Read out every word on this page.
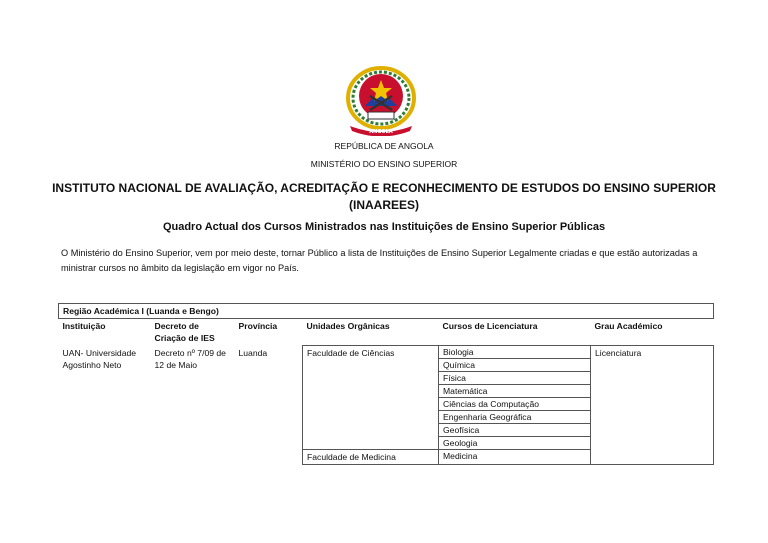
ANGOLA
REPÚBLICA DE ANGOLA
MINISTÉRIO DO ENSINO SUPERIOR
INSTITUTO NACIONAL DE AVALIAÇÃO, ACREDITAÇÃO E RECONHECIMENTO DE ESTUDOS DO ENSINO SUPERIOR
(INAAREES)
Quadro Actual dos Cursos Ministrados nas Instituições de Ensino Superior Públicas
O Ministério do Ensino Superior, vem por meio deste, tornar Público a lista de Instituições de Ensino Superior Legalmente criadas e que estão autorizadas a ministrar cursos no âmbito da legislação em vigor no País.
Região Académica I (Luanda e Bengo)					
Instituição	Decreto de Criação de IES	Província	Unidades Orgânicas	Cursos de Licenciatura	Grau Académico
UAN- Universidade Agostinho Neto	Decreto nº 7/09 de 12 de Maio	Luanda	Faculdade de Ciências	Biologia	Licenciatura
				Química	
				Física	
				Matemática	
				Ciências da Computação	
				Engenharia Geográfica	
				Geofísica	
				Geologia	
			Faculdade de Medicina	Medicina	
